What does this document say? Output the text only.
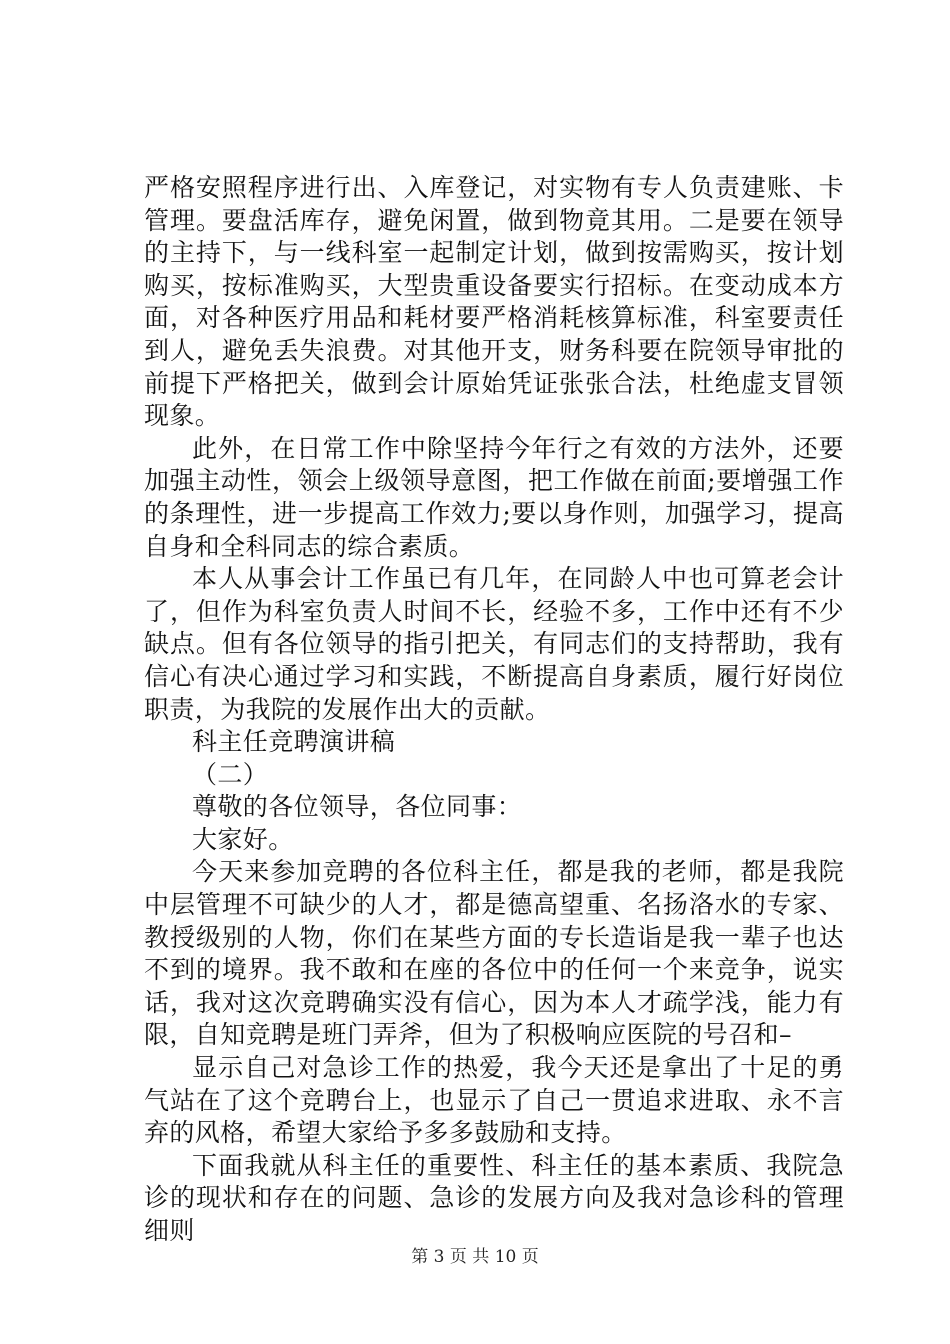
严格安照程序进行出、入库登记，对实物有专人负责建账、卡
管理。要盘活库存，避免闲置，做到物竟其用。二是要在领导
的主持下，与一线科室一起制定计划，做到按需购买，按计划
购买，按标准购买，大型贵重设备要实行招标。在变动成本方
面，对各种医疗用品和耗材要严格消耗核算标准，科室要责任
到人，避免丢失浪费。对其他开支，财务科要在院领导审批的
前提下严格把关，做到会计原始凭证张张合法，杜绝虚支冒领
现象。
此外，在日常工作中除坚持今年行之有效的方法外，还要
加强主动性，领会上级领导意图，把工作做在前面;要增强工作
的条理性，进一步提高工作效力;要以身作则，加强学习，提高
自身和全科同志的综合素质。
本人从事会计工作虽已有几年，在同龄人中也可算老会计
了，但作为科室负责人时间不长，经验不多，工作中还有不少
缺点。但有各位领导的指引把关，有同志们的支持帮助，我有
信心有决心通过学习和实践，不断提高自身素质，履行好岗位
职责，为我院的发展作出大的贡献。
科主任竞聘演讲稿
（二）
尊敬的各位领导，各位同事：
大家好。
今天来参加竞聘的各位科主任，都是我的老师，都是我院
中层管理不可缺少的人才，都是德高望重、名扬洛水的专家、
教授级别的人物，你们在某些方面的专长造诣是我一辈子也达
不到的境界。我不敢和在座的各位中的任何一个来竞争，说实
话，我对这次竞聘确实没有信心，因为本人才疏学浅，能力有
限，自知竞聘是班门弄斧，但为了积极响应医院的号召和–
显示自己对急诊工作的热爱，我今天还是拿出了十足的勇
气站在了这个竞聘台上，也显示了自己一贯追求进取、永不言
弃的风格，希望大家给予多多鼓励和支持。
下面我就从科主任的重要性、科主任的基本素质、我院急
诊的现状和存在的问题、急诊的发展方向及我对急诊科的管理
细则
第 3 页 共 10 页
